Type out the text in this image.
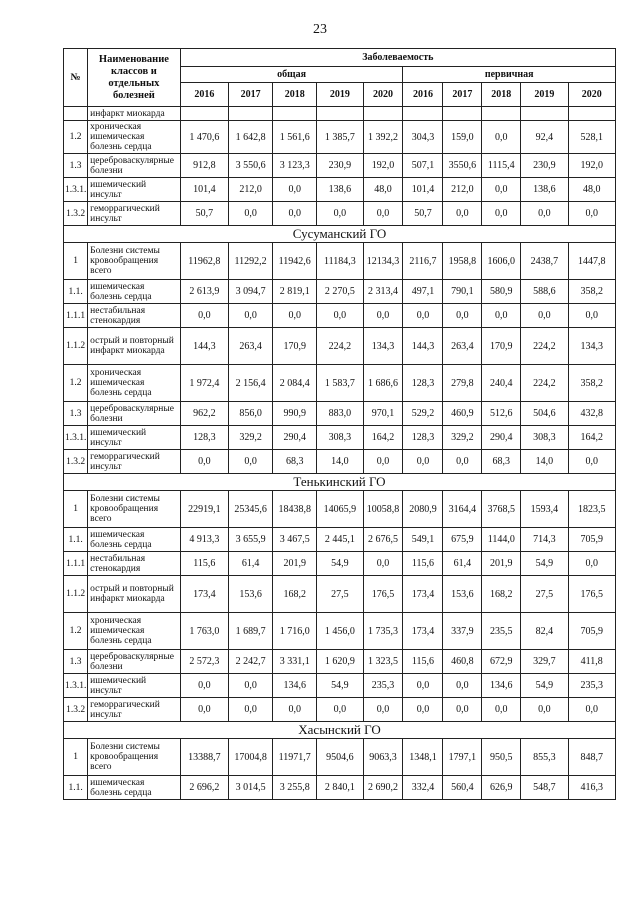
23
№	Наименование классов и отдельных болезней	Заболеваемость									
		общая					первичная				
		2016	2017	2018	2019	2020	2016	2017	2018	2019	2020
	инфаркт миокарда										
1.2	хроническая ишемическая болезнь сердца	1 470,6	1 642,8	1 561,6	1 385,7	1 392,2	304,3	159,0	0,0	92,4	528,1
1.3	цереброваскулярные болезни	912,8	3 550,6	3 123,3	230,9	192,0	507,1	3550,6	1115,4	230,9	192,0
1.3.1.	ишемический инсульт	101,4	212,0	0,0	138,6	48,0	101,4	212,0	0,0	138,6	48,0
1.3.2	геморрагический инсульт	50,7	0,0	0,0	0,0	0,0	50,7	0,0	0,0	0,0	0,0
Сусуманский ГО											
1	Болезни системы кровообращения всего	11962,8	11292,2	11942,6	11184,3	12134,3	2116,7	1958,8	1606,0	2438,7	1447,8
1.1.	ишемическая болезнь сердца	2 613,9	3 094,7	2 819,1	2 270,5	2 313,4	497,1	790,1	580,9	588,6	358,2
1.1.1	нестабильная стенокардия	0,0	0,0	0,0	0,0	0,0	0,0	0,0	0,0	0,0	0,0
1.1.2	острый и повторный инфаркт миокарда	144,3	263,4	170,9	224,2	134,3	144,3	263,4	170,9	224,2	134,3
1.2	хроническая ишемическая болезнь сердца	1 972,4	2 156,4	2 084,4	1 583,7	1 686,6	128,3	279,8	240,4	224,2	358,2
1.3	цереброваскулярные болезни	962,2	856,0	990,9	883,0	970,1	529,2	460,9	512,6	504,6	432,8
1.3.1.	ишемический инсульт	128,3	329,2	290,4	308,3	164,2	128,3	329,2	290,4	308,3	164,2
1.3.2	геморрагический инсульт	0,0	0,0	68,3	14,0	0,0	0,0	0,0	68,3	14,0	0,0
Тенькинский ГО											
1	Болезни системы кровообращения всего	22919,1	25345,6	18438,8	14065,9	10058,8	2080,9	3164,4	3768,5	1593,4	1823,5
1.1.	ишемическая болезнь сердца	4 913,3	3 655,9	3 467,5	2 445,1	2 676,5	549,1	675,9	1144,0	714,3	705,9
1.1.1	нестабильная стенокардия	115,6	61,4	201,9	54,9	0,0	115,6	61,4	201,9	54,9	0,0
1.1.2	острый и повторный инфаркт миокарда	173,4	153,6	168,2	27,5	176,5	173,4	153,6	168,2	27,5	176,5
1.2	хроническая ишемическая болезнь сердца	1 763,0	1 689,7	1 716,0	1 456,0	1 735,3	173,4	337,9	235,5	82,4	705,9
1.3	цереброваскулярные болезни	2 572,3	2 242,7	3 331,1	1 620,9	1 323,5	115,6	460,8	672,9	329,7	411,8
1.3.1.	ишемический инсульт	0,0	0,0	134,6	54,9	235,3	0,0	0,0	134,6	54,9	235,3
1.3.2	геморрагический инсульт	0,0	0,0	0,0	0,0	0,0	0,0	0,0	0,0	0,0	0,0
Хасынский ГО											
1	Болезни системы кровообращения всего	13388,7	17004,8	11971,7	9504,6	9063,3	1348,1	1797,1	950,5	855,3	848,7
1.1.	ишемическая болезнь сердца	2 696,2	3 014,5	3 255,8	2 840,1	2 690,2	332,4	560,4	626,9	548,7	416,3
